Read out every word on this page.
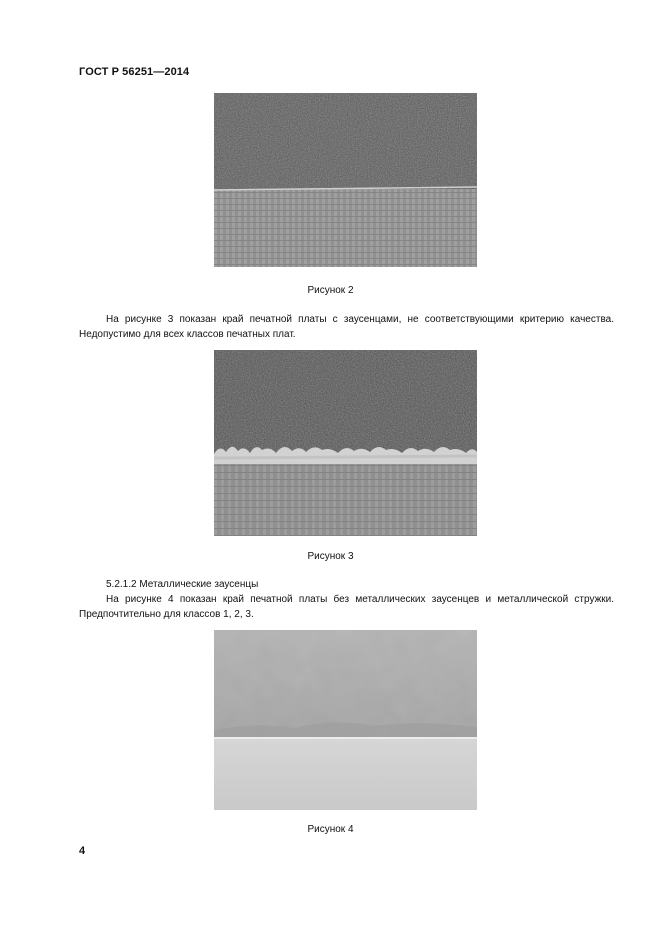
ГОСТ Р 56251—2014
Рисунок 2
На рисунке 3 показан край печатной платы с заусенцами, не соответствующими критерию качества. Недопустимо для всех классов печатных плат.
Рисунок 3
5.2.1.2 Металлические заусенцы
На рисунке 4 показан край печатной платы без металлических заусенцев и металлической стружки. Предпочтительно для классов 1, 2, 3.
Рисунок 4
4
